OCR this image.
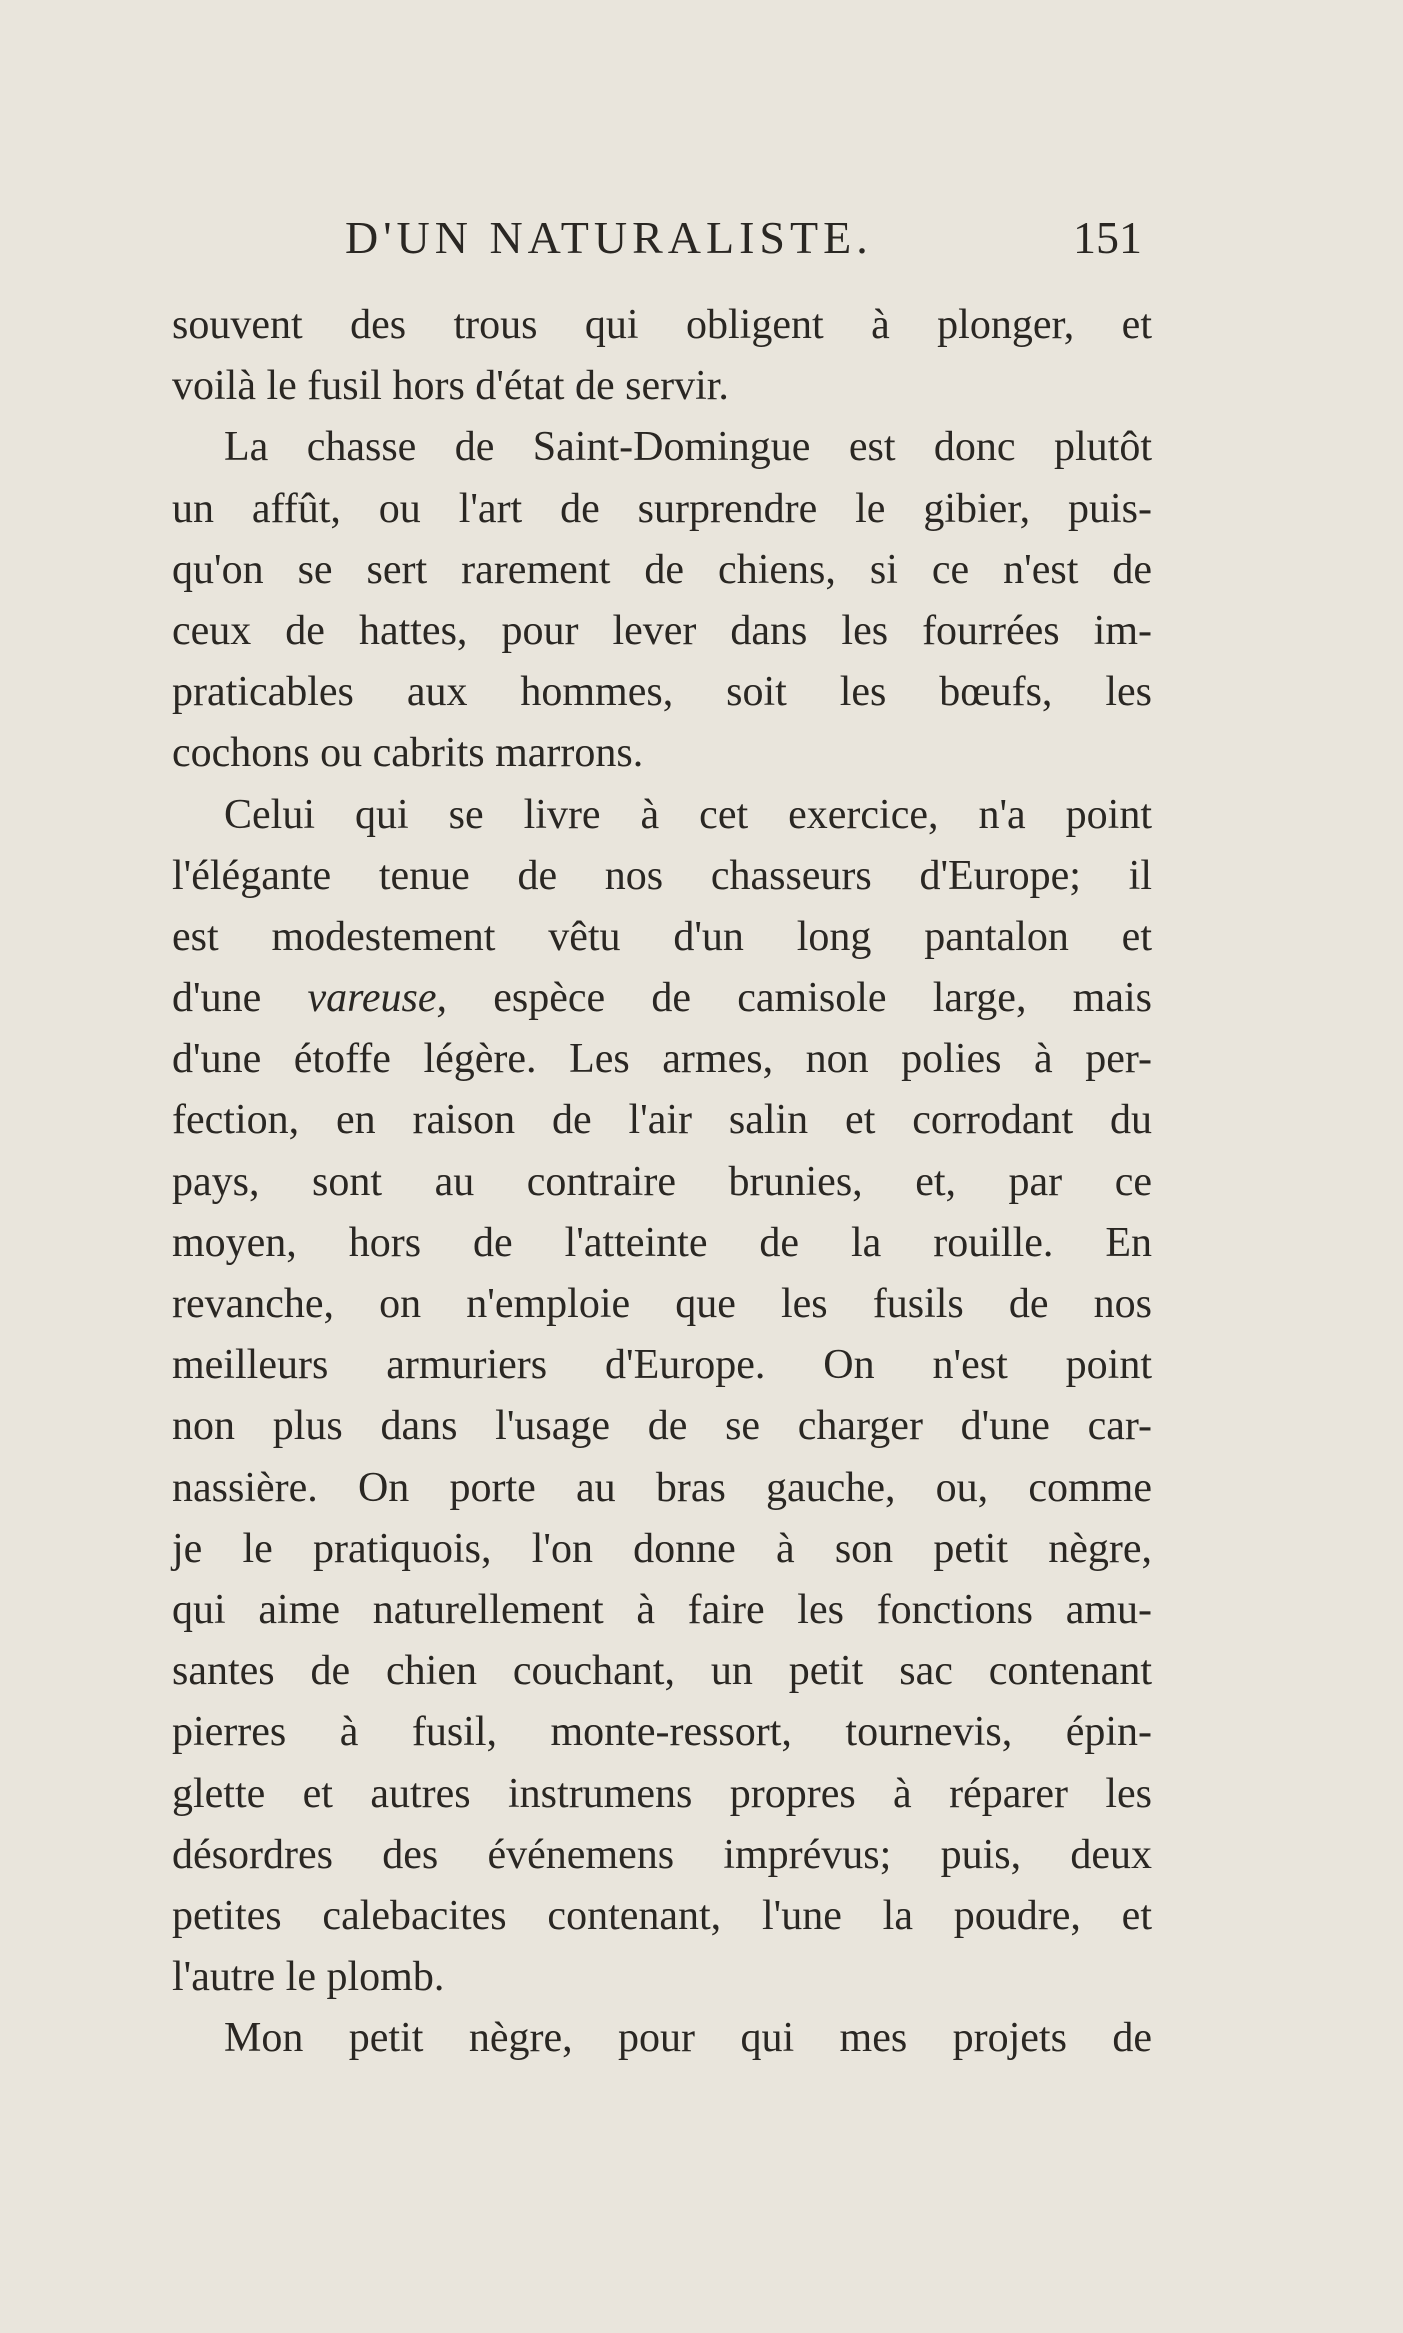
D'UN NATURALISTE.	151
souvent des trous qui obligent à plonger, et
voilà le fusil hors d'état de servir.
La chasse de Saint-Domingue est donc plutôt
un affût, ou l'art de surprendre le gibier, puis-
qu'on se sert rarement de chiens, si ce n'est de
ceux de hattes, pour lever dans les fourrées im-
praticables aux hommes, soit les bœufs, les
cochons ou cabrits marrons.
Celui qui se livre à cet exercice, n'a point
l'élégante tenue de nos chasseurs d'Europe; il
est modestement vêtu d'un long pantalon et
d'une vareuse, espèce de camisole large, mais
d'une étoffe légère. Les armes, non polies à per-
fection, en raison de l'air salin et corrodant du
pays, sont au contraire brunies, et, par ce
moyen, hors de l'atteinte de la rouille. En
revanche, on n'emploie que les fusils de nos
meilleurs armuriers d'Europe. On n'est point
non plus dans l'usage de se charger d'une car-
nassière. On porte au bras gauche, ou, comme
je le pratiquois, l'on donne à son petit nègre,
qui aime naturellement à faire les fonctions amu-
santes de chien couchant, un petit sac contenant
pierres à fusil, monte-ressort, tournevis, épin-
glette et autres instrumens propres à réparer les
désordres des événemens imprévus; puis, deux
petites calebacites contenant, l'une la poudre, et
l'autre le plomb.
Mon petit nègre, pour qui mes projets de
